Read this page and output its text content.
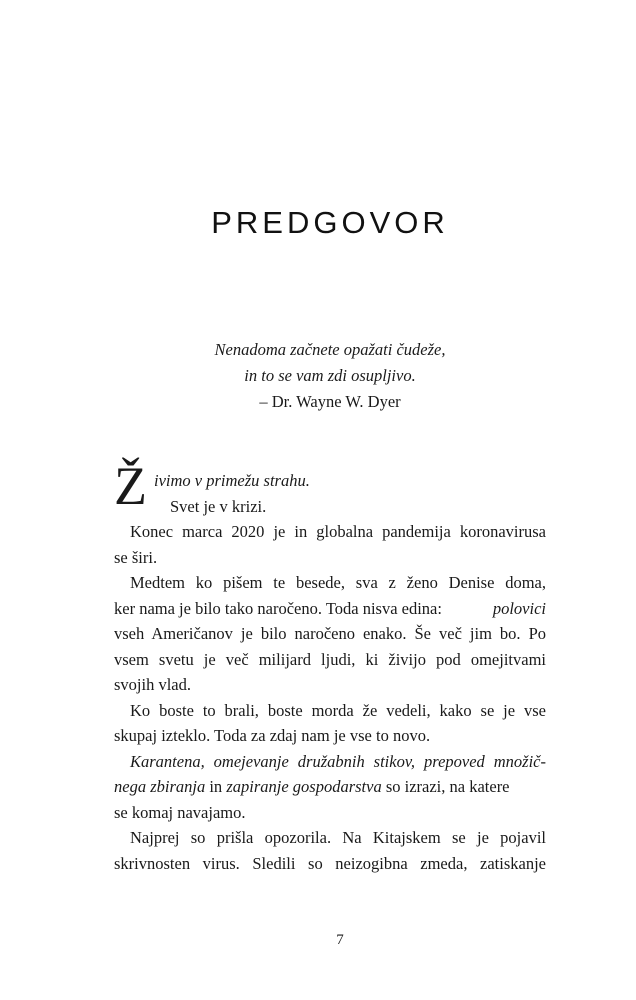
PREDGOVOR
Nenadoma začnete opažati čudeže,
in to se vam zdi osupljivo.
– Dr. Wayne W. Dyer
Ž ivimo v primežu strahu.
Svet je v krizi.
Konec marca 2020 je in globalna pandemija koronavirusa
se širi.
Medtem ko pišem te besede, sva z ženo Denise doma,
ker nama je bilo tako naročeno. Toda nisva edina:	polovici
vseh Američanov je bilo naročeno enako. Še več jim bo. Po
vsem svetu je več milijard ljudi, ki živijo pod omejitvami
svojih vlad.
Ko boste to brali, boste morda že vedeli, kako se je vse
skupaj izteklo. Toda za zdaj nam je vse to novo.
Karantena, omejevanje družabnih stikov, prepoved množič-
nega zbiranja in zapiranje gospodarstva so izrazi, na katere
se komaj navajamo.
Najprej so prišla opozorila. Na Kitajskem se je pojavil
skrivnosten virus. Sledili so neizogibna zmeda, zatiskanje
7
